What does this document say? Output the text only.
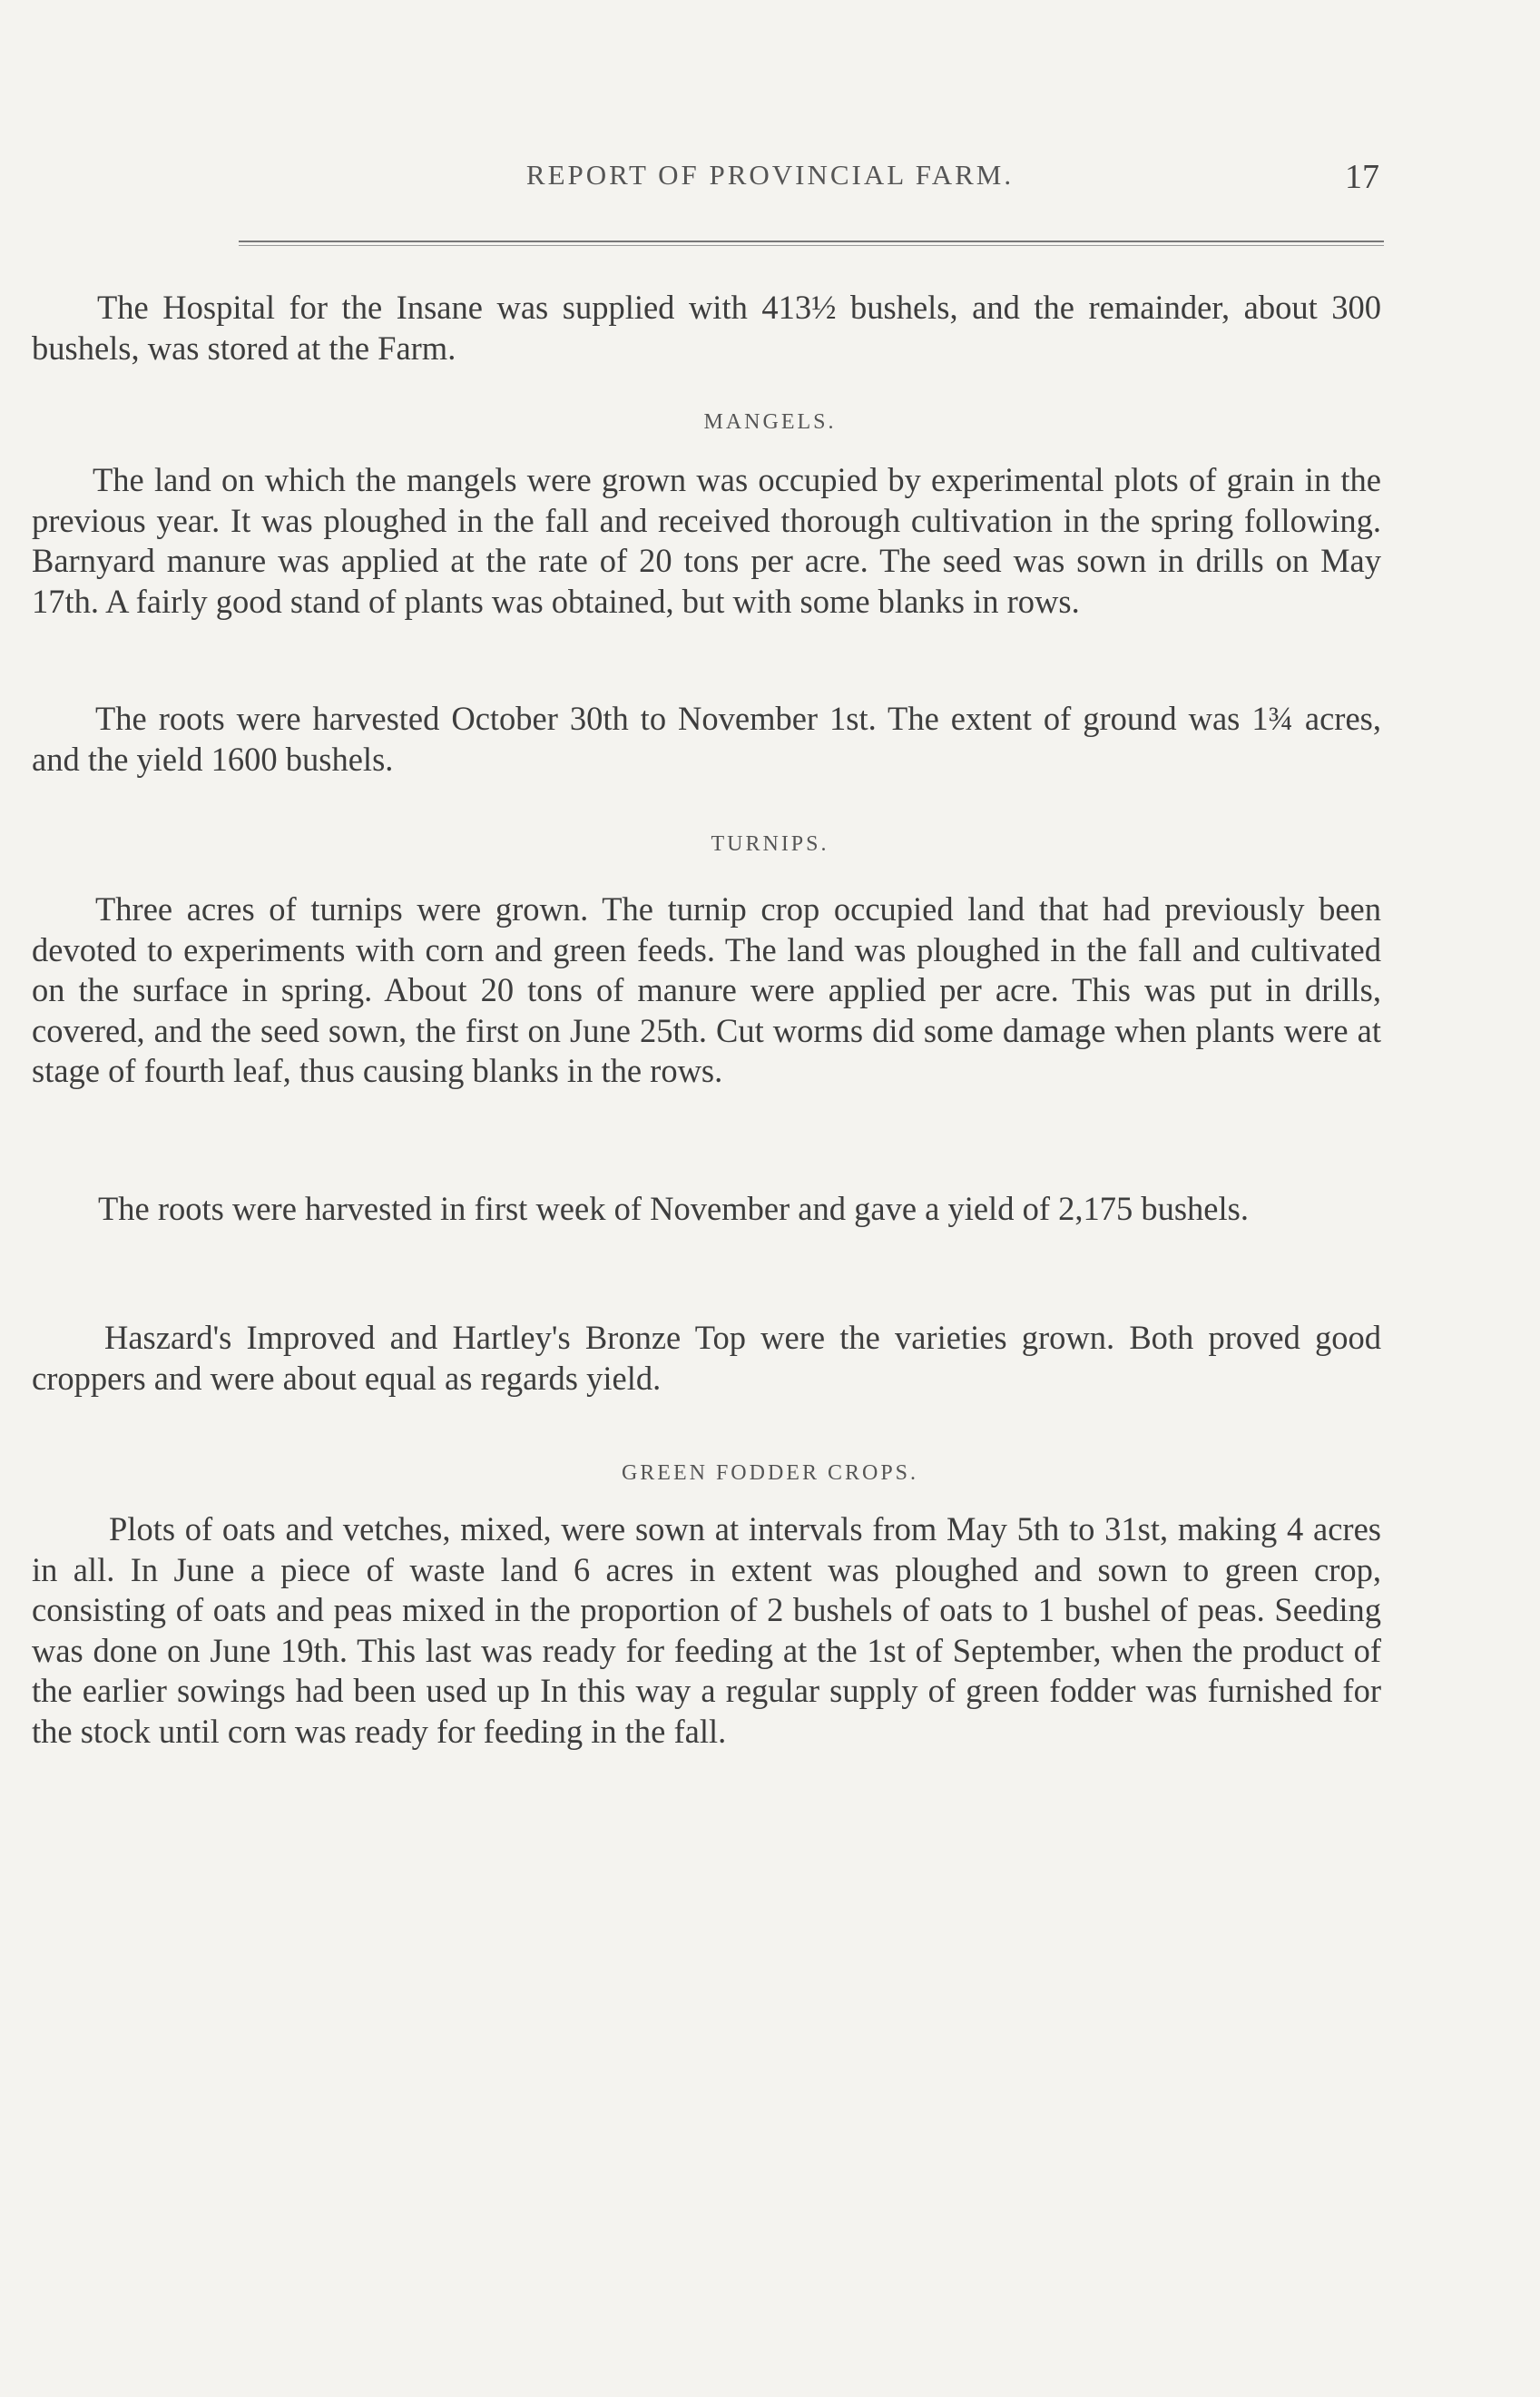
REPORT OF PROVINCIAL FARM.	17

The Hospital for the Insane was supplied with 413½ bushels, and the remainder, about 300 bushels, was stored at the Farm.

MANGELS.

The land on which the mangels were grown was occupied by experimental plots of grain in the previous year. It was ploughed in the fall and received thorough cultivation in the spring following. Barnyard manure was applied at the rate of 20 tons per acre. The seed was sown in drills on May 17th. A fairly good stand of plants was obtained, but with some blanks in rows.

The roots were harvested October 30th to November 1st. The extent of ground was 1¾ acres, and the yield 1600 bushels.

TURNIPS.

Three acres of turnips were grown. The turnip crop occupied land that had previously been devoted to experiments with corn and green feeds. The land was ploughed in the fall and cultivated on the surface in spring. About 20 tons of manure were applied per acre. This was put in drills, covered, and the seed sown, the first on June 25th. Cut worms did some damage when plants were at stage of fourth leaf, thus causing blanks in the rows.

The roots were harvested in first week of November and gave a yield of 2,175 bushels.

Haszard's Improved and Hartley's Bronze Top were the varieties grown. Both proved good croppers and were about equal as regards yield.

GREEN FODDER CROPS.

Plots of oats and vetches, mixed, were sown at intervals from May 5th to 31st, making 4 acres in all. In June a piece of waste land 6 acres in extent was ploughed and sown to green crop, consisting of oats and peas mixed in the proportion of 2 bushels of oats to 1 bushel of peas. Seeding was done on June 19th. This last was ready for feeding at the 1st of September, when the product of the earlier sowings had been used up In this way a regular supply of green fodder was furnished for the stock until corn was ready for feeding in the fall.
